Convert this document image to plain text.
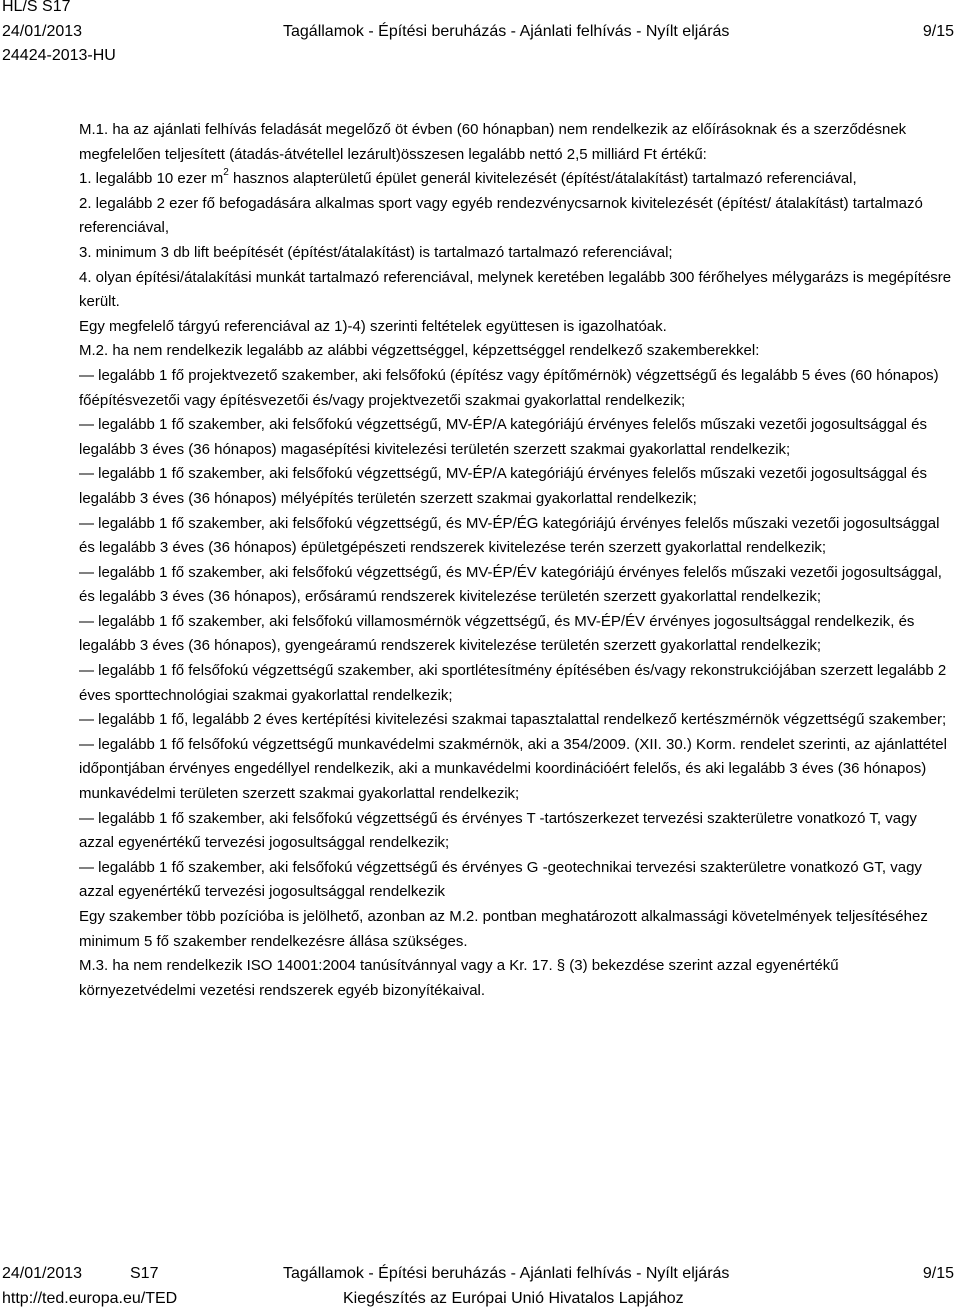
HL/S S17
24/01/2013
24424-2013-HU
Tagállamok - Építési beruházás - Ajánlati felhívás - Nyílt eljárás	9/15

M.1. ha az ajánlati felhívás feladását megelőző öt évben (60 hónapban) nem rendelkezik az előírásoknak és a szerződésnek megfelelően teljesített (átadás-átvétellel lezárult)összesen legalább nettó 2,5 milliárd Ft értékű:

1. legalább 10 ezer $m^2$ hasznos alapterületű épület generál kivitelezését (építést/átalakítást) tartalmazó referenciával,

2. legalább 2 ezer fő befogadására alkalmas sport vagy egyéb rendezvénycsarnok kivitelezését (építést/ átalakítást) tartalmazó referenciával,

3. minimum 3 db lift beépítését (építést/átalakítást) is tartalmazó tartalmazó referenciával;

4. olyan építési/átalakítási munkát tartalmazó referenciával, melynek keretében legalább 300 férőhelyes mélygarázs is megépítésre került.

Egy megfelelő tárgyú referenciával az 1)-4) szerinti feltételek együttesen is igazolhatóak.

M.2. ha nem rendelkezik legalább az alábbi végzettséggel, képzettséggel rendelkező szakemberekkel:

— legalább 1 fő projektvezető szakember, aki felsőfokú (építész vagy építőmérnök) végzettségű és legalább 5 éves (60 hónapos) főépítésvezetői vagy építésvezetői és/vagy projektvezetői szakmai gyakorlattal rendelkezik;

— legalább 1 fő szakember, aki felsőfokú végzettségű, MV-ÉP/A kategóriájú érvényes felelős műszaki vezetői jogosultsággal és legalább 3 éves (36 hónapos) magasépítési kivitelezési területén szerzett szakmai gyakorlattal rendelkezik;

— legalább 1 fő szakember, aki felsőfokú végzettségű, MV-ÉP/A kategóriájú érvényes felelős műszaki vezetői jogosultsággal és legalább 3 éves (36 hónapos) mélyépítés területén szerzett szakmai gyakorlattal rendelkezik;

— legalább 1 fő szakember, aki felsőfokú végzettségű, és MV-ÉP/ÉG kategóriájú érvényes felelős műszaki vezetői jogosultsággal és legalább 3 éves (36 hónapos) épületgépészeti rendszerek kivitelezése terén szerzett gyakorlattal rendelkezik;

— legalább 1 fő szakember, aki felsőfokú végzettségű, és MV-ÉP/ÉV kategóriájú érvényes felelős műszaki vezetői jogosultsággal, és legalább 3 éves (36 hónapos), erősáramú rendszerek kivitelezése területén szerzett gyakorlattal rendelkezik;

— legalább 1 fő szakember, aki felsőfokú villamosmérnök végzettségű, és MV-ÉP/ÉV érvényes jogosultsággal rendelkezik, és legalább 3 éves (36 hónapos), gyengeáramú rendszerek kivitelezése területén szerzett gyakorlattal rendelkezik;

— legalább 1 fő felsőfokú végzettségű szakember, aki sportlétesítmény építésében és/vagy rekonstrukciójában szerzett legalább 2 éves sporttechnológiai szakmai gyakorlattal rendelkezik;

— legalább 1 fő, legalább 2 éves kertépítési kivitelezési szakmai tapasztalattal rendelkező kertészmérnök végzettségű szakember;

— legalább 1 fő felsőfokú végzettségű munkavédelmi szakmérnök, aki a 354/2009. (XII. 30.) Korm. rendelet szerinti, az ajánlattétel időpontjában érvényes engedéllyel rendelkezik, aki a munkavédelmi koordinációért felelős, és aki legalább 3 éves (36 hónapos) munkavédelmi területen szerzett szakmai gyakorlattal rendelkezik;

— legalább 1 fő szakember, aki felsőfokú végzettségű és érvényes T -tartószerkezet tervezési szakterületre vonatkozó T, vagy azzal egyenértékű tervezési jogosultsággal rendelkezik;

— legalább 1 fő szakember, aki felsőfokú végzettségű és érvényes G -geotechnikai tervezési szakterületre vonatkozó GT, vagy azzal egyenértékű tervezési jogosultsággal rendelkezik

Egy szakember több pozícióba is jelölhető, azonban az M.2. pontban meghatározott alkalmassági követelmények teljesítéséhez minimum 5 fő szakember rendelkezésre állása szükséges.

M.3. ha nem rendelkezik ISO 14001:2004 tanúsítvánnyal vagy a Kr. 17. § (3) bekezdése szerint azzal egyenértékű környezetvédelmi vezetési rendszerek egyéb bizonyítékaival.

24/01/2013	S17
http://ted.europa.eu/TED
Tagállamok - Építési beruházás - Ajánlati felhívás - Nyílt eljárás
Kiegészítés az Európai Unió Hivatalos Lapjához
9/15
